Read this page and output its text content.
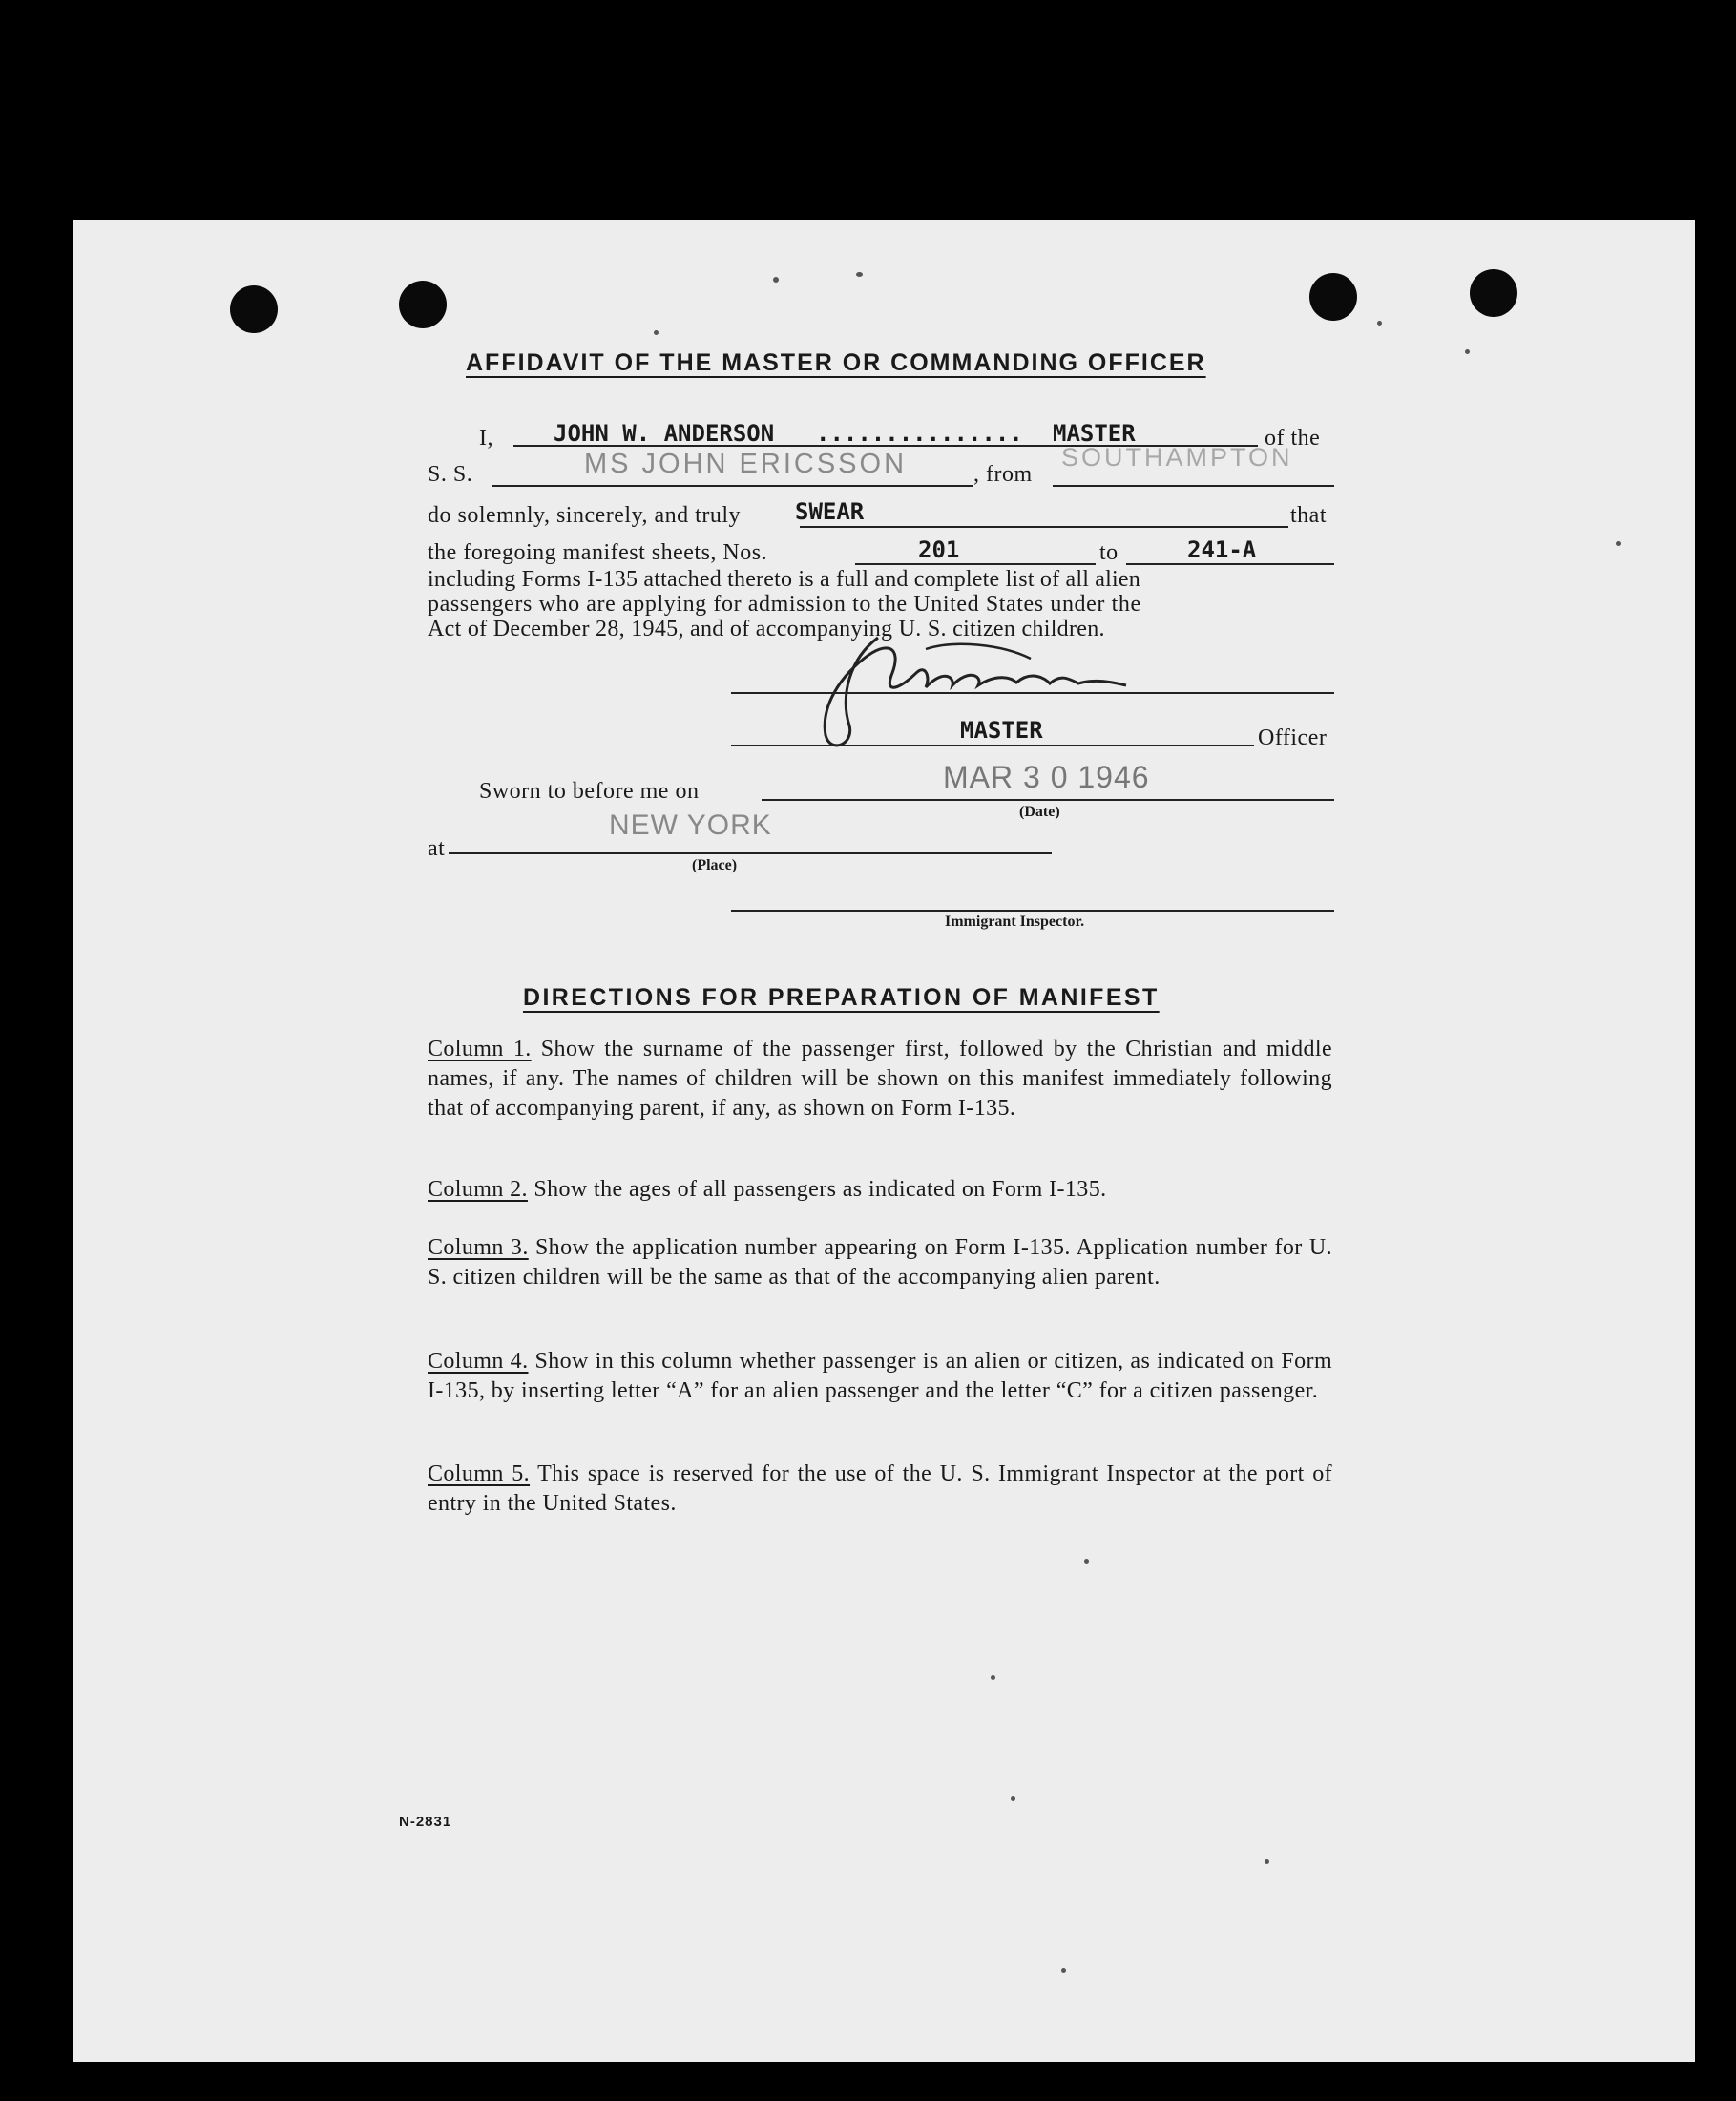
AFFIDAVIT OF THE MASTER OR COMMANDING OFFICER
I,	JOHN W. ANDERSON ............... MASTER	of the
S. S.	MS JOHN ERICSSON	, from
SOUTHAMPTON
do solemnly, sincerely, and truly SWEAR	that
the foregoing manifest sheets, Nos.	201	to	241-A
including Forms I-135 attached thereto is a full and complete list of all alien
passengers who are applying for admission to the United States under the
Act of December 28, 1945, and of accompanying U. S. citizen children.
MASTER	Officer
Sworn to before me on	MAR 3 0 1946
(Date)
at
NEW YORK
(Place)
Immigrant Inspector.
DIRECTIONS FOR PREPARATION OF MANIFEST
Column 1. Show the surname of the passenger first, followed by the Christian and middle names, if any. The names of children will be shown on this manifest immediately following that of accompanying parent, if any, as shown on Form I-135.
Column 2. Show the ages of all passengers as indicated on Form I-135.
Column 3. Show the application number appearing on Form I-135. Application number for U. S. citizen children will be the same as that of the accompanying alien parent.
Column 4. Show in this column whether passenger is an alien or citizen, as indicated on Form I-135, by inserting letter “A” for an alien passenger and the letter “C” for a citizen passenger.
Column 5. This space is reserved for the use of the U. S. Immigrant Inspector at the port of entry in the United States.
N-2831
